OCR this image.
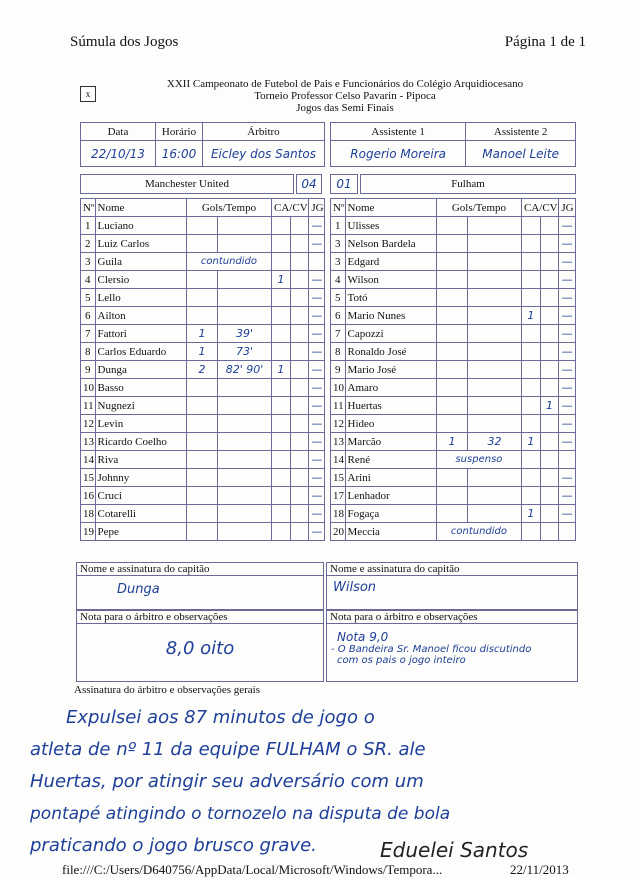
Súmula dos Jogos	Página 1 de 1
x
XXII Campeonato de Futebol de Pais e Funcionários do Colégio Arquidiocesano
Torneio Professor Celso Pavarin - Pipoca
Jogos das Semi Finais
Data	Horário	Árbitro
22/10/13	16:00	Eicley dos Santos
Assistente 1	Assistente 2
Rogerio Moreira	Manoel Leite
Manchester United	04	01	Fulham
Nº	Nome	Gols/Tempo		CA/CV		JG
1	Luciano					—
2	Luiz Carlos					—
3	Guila	contundido				
4	Clersio			1		—
5	Lello					—
6	Ailton					—
7	Fattori	1	39'			—
8	Carlos Eduardo	1	73'			—
9	Dunga	2	82' 90'	1		—
10	Basso					—
11	Nugnezi					—
12	Levin					—
13	Ricardo Coelho					—
14	Riva					—
15	Johnny					—
16	Cruci					—
18	Cotarelli					—
19	Pepe					—
Nº	Nome	Gols/Tempo		CA/CV		JG
1	Ulisses					—
3	Nelson Bardela					—
3	Edgard					—
4	Wilson					—
5	Totó					—
6	Mario Nunes			1		—
7	Capozzi					—
8	Ronaldo José					—
9	Mario José					—
10	Amaro					—
11	Huertas				1	—
12	Hideo					—
13	Marcão	1	32	1		—
14	René	suspenso				
15	Arini					—
17	Lenhador					—
18	Fogaça			1		—
20	Meccia	contundido				
Nome e assinatura do capitão
Dunga
Nome e assinatura do capitão
Wilson
Nota para o árbitro e observações
8,0 oito
Nota para o árbitro e observações
Nota 9,0
- O Bandeira Sr. Manoel ficou discutindo
com os pais o jogo inteiro
Assinatura do árbitro e observações gerais
Expulsei aos 87 minutos de jogo o
atleta de nº 11 da equipe FULHAM o SR. ale
Huertas, por atingir seu adversário com um
pontapé atingindo o tornozelo na disputa de bola
praticando o jogo brusco grave.	Eduelei Santos
file:///C:/Users/D640756/AppData/Local/Microsoft/Windows/Tempora...	22/11/2013
